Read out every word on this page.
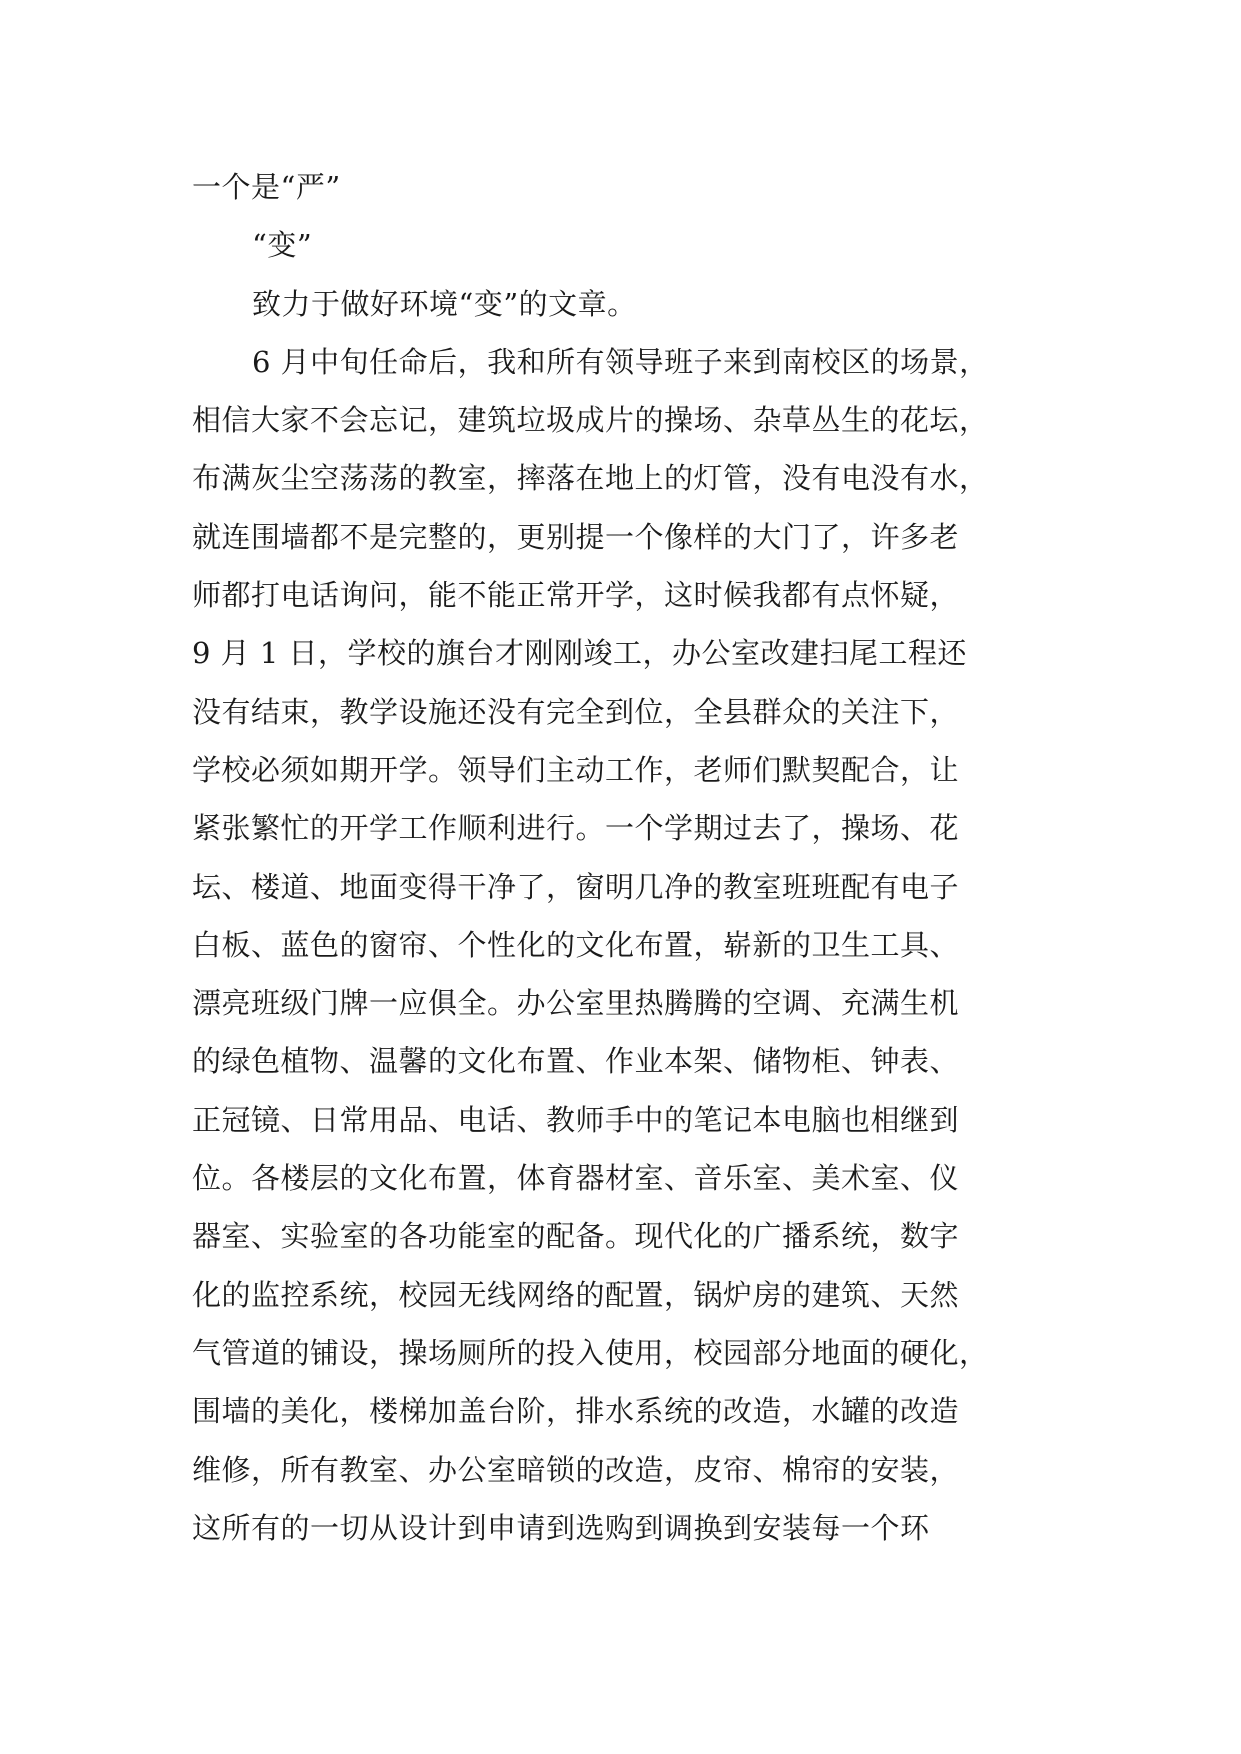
一个是“严”
“变”
致力于做好环境“变”的文章。
6 月中旬任命后，我和所有领导班子来到南校区的场景，
相信大家不会忘记，建筑垃圾成片的操场、杂草丛生的花坛，
布满灰尘空荡荡的教室，摔落在地上的灯管，没有电没有水，
就连围墙都不是完整的，更别提一个像样的大门了，许多老
师都打电话询问，能不能正常开学，这时候我都有点怀疑，
9 月 1 日，学校的旗台才刚刚竣工，办公室改建扫尾工程还
没有结束，教学设施还没有完全到位，全县群众的关注下，
学校必须如期开学。领导们主动工作，老师们默契配合，让
紧张繁忙的开学工作顺利进行。一个学期过去了，操场、花
坛、楼道、地面变得干净了，窗明几净的教室班班配有电子
白板、蓝色的窗帘、个性化的文化布置，崭新的卫生工具、
漂亮班级门牌一应俱全。办公室里热腾腾的空调、充满生机
的绿色植物、温馨的文化布置、作业本架、储物柜、钟表、
正冠镜、日常用品、电话、教师手中的笔记本电脑也相继到
位。各楼层的文化布置，体育器材室、音乐室、美术室、仪
器室、实验室的各功能室的配备。现代化的广播系统，数字
化的监控系统，校园无线网络的配置，锅炉房的建筑、天然
气管道的铺设，操场厕所的投入使用，校园部分地面的硬化，
围墙的美化，楼梯加盖台阶，排水系统的改造，水罐的改造
维修，所有教室、办公室暗锁的改造，皮帘、棉帘的安装，
这所有的一切从设计到申请到选购到调换到安装每一个环
